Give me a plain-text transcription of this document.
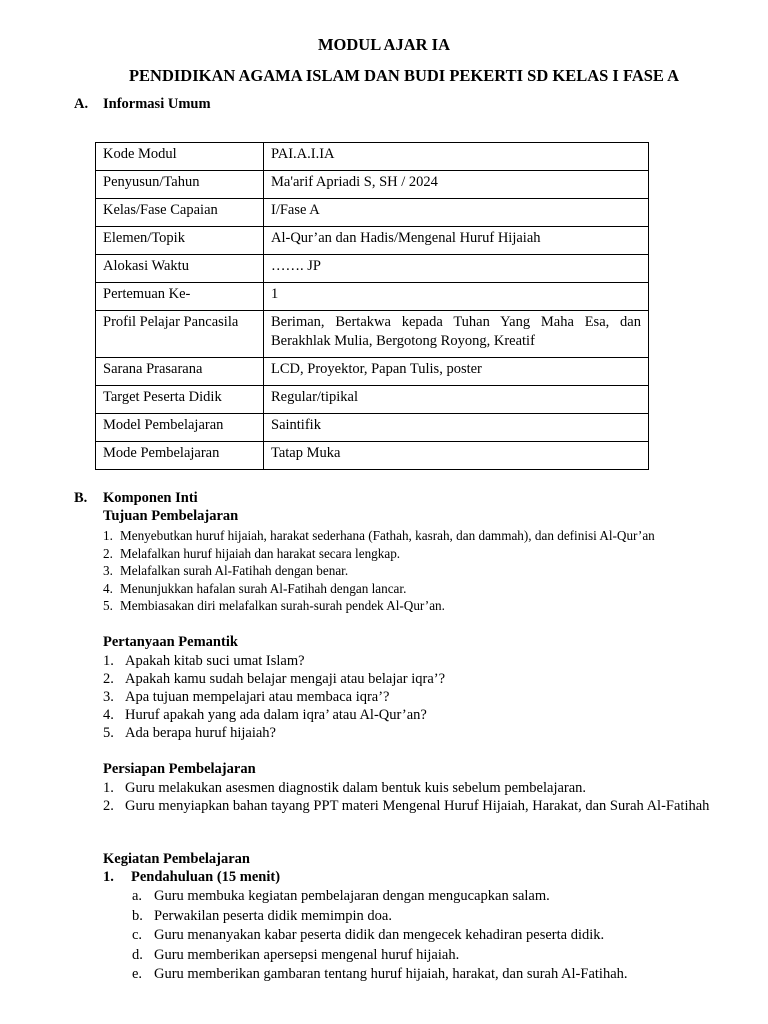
MODUL AJAR IA
PENDIDIKAN AGAMA ISLAM DAN BUDI PEKERTI SD KELAS I FASE A
A. Informasi Umum
Kode Modul	PAI.A.I.IA
Penyusun/Tahun	Ma'arif Apriadi S, SH / 2024
Kelas/Fase Capaian	I/Fase A
Elemen/Topik	Al-Qur’an dan Hadis/Mengenal Huruf Hijaiah
Alokasi Waktu	……. JP
Pertemuan Ke-	1
Profil Pelajar Pancasila	Beriman, Bertakwa kepada Tuhan Yang Maha Esa, dan Berakhlak Mulia, Bergotong Royong, Kreatif
Sarana Prasarana	LCD, Proyektor, Papan Tulis, poster
Target Peserta Didik	Regular/tipikal
Model Pembelajaran	Saintifik
Mode Pembelajaran	Tatap Muka
B. Komponen Inti
Tujuan Pembelajaran
1. Menyebutkan huruf hijaiah, harakat sederhana (Fathah, kasrah, dan dammah), dan definisi Al-Qur’an
2. Melafalkan huruf hijaiah dan harakat secara lengkap.
3. Melafalkan surah Al-Fatihah dengan benar.
4. Menunjukkan hafalan surah Al-Fatihah dengan lancar.
5. Membiasakan diri melafalkan surah-surah pendek Al-Qur’an.
Pertanyaan Pemantik
1. Apakah kitab suci umat Islam?
2. Apakah kamu sudah belajar mengaji atau belajar iqra’?
3. Apa tujuan mempelajari atau membaca iqra’?
4. Huruf apakah yang ada dalam iqra’ atau Al-Qur’an?
5. Ada berapa huruf hijaiah?
Persiapan Pembelajaran
1. Guru melakukan asesmen diagnostik dalam bentuk kuis sebelum pembelajaran.
2. Guru menyiapkan bahan tayang PPT materi Mengenal Huruf Hijaiah, Harakat, dan Surah Al-Fatihah
Kegiatan Pembelajaran
1. Pendahuluan (15 menit)
a. Guru membuka kegiatan pembelajaran dengan mengucapkan salam.
b. Perwakilan peserta didik memimpin doa.
c. Guru menanyakan kabar peserta didik dan mengecek kehadiran peserta didik.
d. Guru memberikan apersepsi mengenal huruf hijaiah.
e. Guru memberikan gambaran tentang huruf hijaiah, harakat, dan surah Al-Fatihah.
